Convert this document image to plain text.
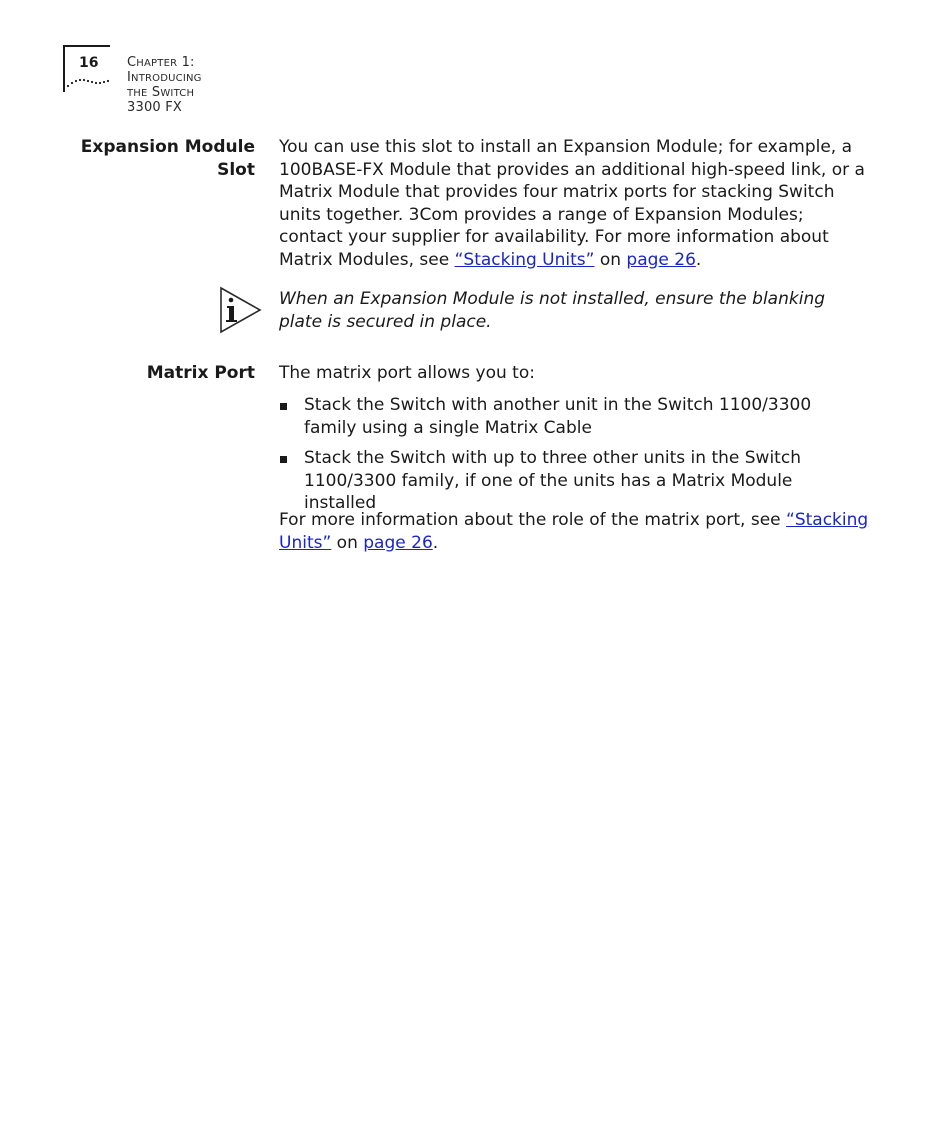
16 CHAPTER 1: INTRODUCING THE SWITCH 3300 FX
Expansion Module
Slot
You can use this slot to install an Expansion Module; for example, a 100BASE-FX Module that provides an additional high-speed link, or a Matrix Module that provides four matrix ports for stacking Switch units together. 3Com provides a range of Expansion Modules; contact your supplier for availability. For more information about Matrix Modules, see “Stacking Units” on page 26.
When an Expansion Module is not installed, ensure the blanking plate is secured in place.
Matrix Port The matrix port allows you to:
Stack the Switch with another unit in the Switch 1100/3300 family using a single Matrix Cable
Stack the Switch with up to three other units in the Switch 1100/3300 family, if one of the units has a Matrix Module installed
For more information about the role of the matrix port, see “Stacking Units” on page 26.
